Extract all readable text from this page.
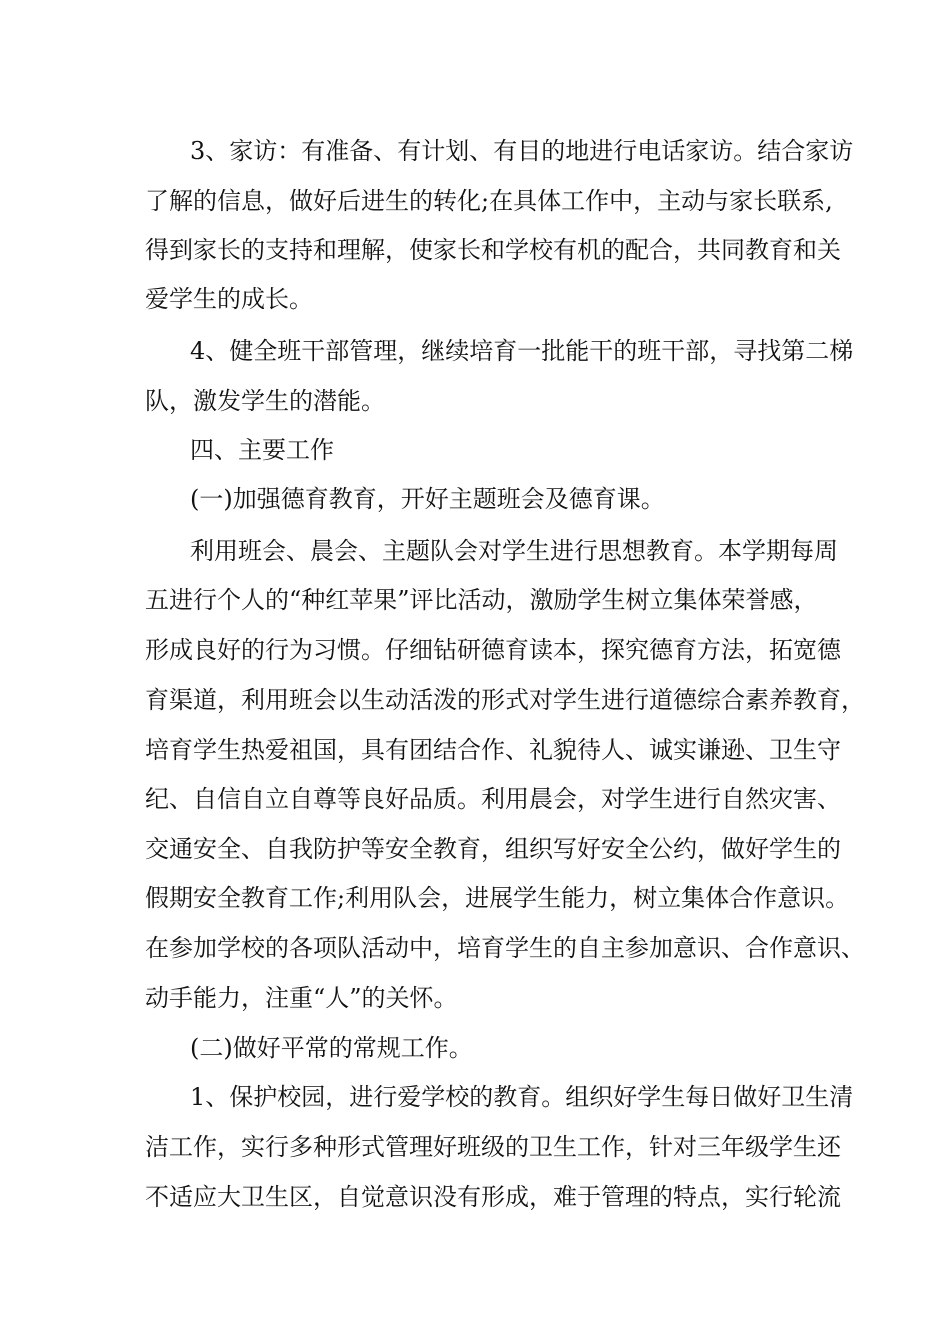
3、家访：有准备、有计划、有目的地进行电话家访。结合家访

了解的信息，做好后进生的转化;在具体工作中，主动与家长联系,

得到家长的支持和理解，使家长和学校有机的配合，共同教育和关

爱学生的成长。

4、健全班干部管理，继续培育一批能干的班干部，寻找第二梯

队，激发学生的潜能。

四、主要工作

(一)加强德育教育，开好主题班会及德育课。

利用班会、晨会、主题队会对学生进行思想教育。本学期每周

五进行个人的“种红苹果”评比活动，激励学生树立集体荣誉感，

形成良好的行为习惯。仔细钻研德育读本，探究德育方法，拓宽德

育渠道，利用班会以生动活泼的形式对学生进行道德综合素养教育，

培育学生热爱祖国，具有团结合作、礼貌待人、诚实谦逊、卫生守

纪、自信自立自尊等良好品质。利用晨会，对学生进行自然灾害、

交通安全、自我防护等安全教育，组织写好安全公约，做好学生的

假期安全教育工作;利用队会，进展学生能力，树立集体合作意识。

在参加学校的各项队活动中，培育学生的自主参加意识、合作意识、

动手能力，注重“人”的关怀。

(二)做好平常的常规工作。

1、保护校园，进行爱学校的教育。组织好学生每日做好卫生清

洁工作，实行多种形式管理好班级的卫生工作，针对三年级学生还

不适应大卫生区，自觉意识没有形成，难于管理的特点，实行轮流
